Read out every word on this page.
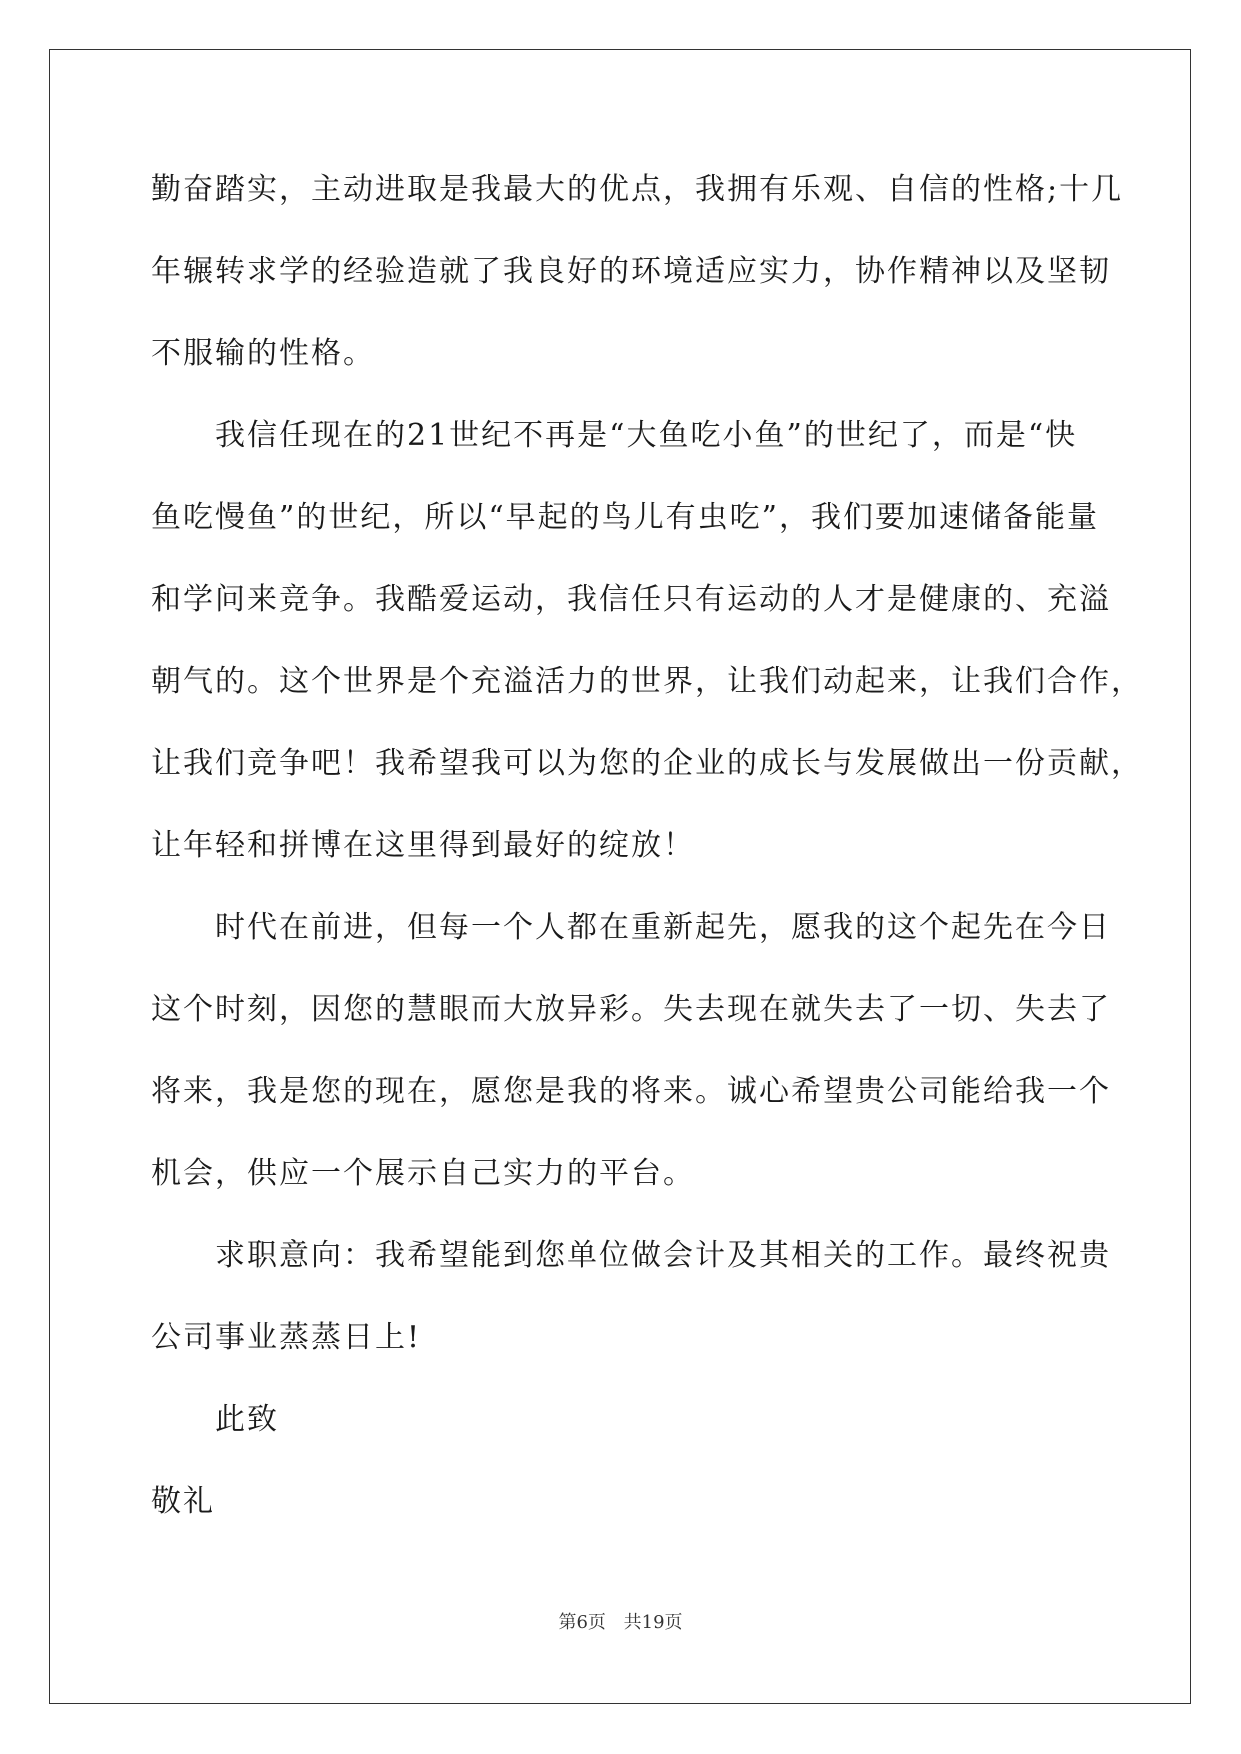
勤奋踏实，主动进取是我最大的优点，我拥有乐观、自信的性格;十几

年辗转求学的经验造就了我良好的环境适应实力，协作精神以及坚韧

不服输的性格。

我信任现在的21世纪不再是“大鱼吃小鱼”的世纪了，而是“快

鱼吃慢鱼”的世纪，所以“早起的鸟儿有虫吃”，我们要加速储备能量

和学问来竞争。我酷爱运动，我信任只有运动的人才是健康的、充溢

朝气的。这个世界是个充溢活力的世界，让我们动起来，让我们合作，

让我们竞争吧！我希望我可以为您的企业的成长与发展做出一份贡献，

让年轻和拼博在这里得到最好的绽放！

时代在前进，但每一个人都在重新起先，愿我的这个起先在今日

这个时刻，因您的慧眼而大放异彩。失去现在就失去了一切、失去了

将来，我是您的现在，愿您是我的将来。诚心希望贵公司能给我一个

机会，供应一个展示自己实力的平台。

求职意向：我希望能到您单位做会计及其相关的工作。最终祝贵

公司事业蒸蒸日上!

此致

敬礼

第6页 共19页
